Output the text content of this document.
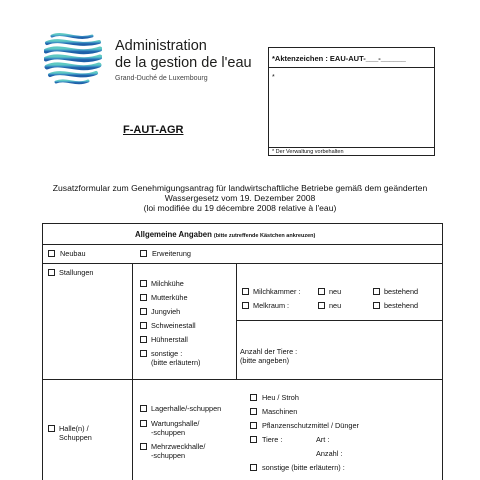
Administration
de la gestion de l'eau
Grand-Duché de Luxembourg
*Aktenzeichen : EAU-AUT-___-______
*
* Der Verwaltung vorbehalten
F-AUT-AGR
Zusatzformular zum Genehmigungsantrag für landwirtschaftliche Betriebe gemäß dem geänderten
Wassergesetz vom 19. Dezember 2008
(loi modifiée du 19 décembre 2008 relative à l'eau)
Allgemeine Angaben (bitte zutreffende Kästchen ankreuzen)
Neubau	Erweiterung
Stallungen
Milchkühe
Mutterkühe
Jungvieh
Schweinestall
Hühnerstall
sonstige :
(bitte erläutern)
Milchkammer :	neu	bestehend
Melkraum :	neu	bestehend
Anzahl der Tiere :
(bitte angeben)
Halle(n) /
Schuppen
Lagerhalle/-schuppen
Wartungshalle/
-schuppen
Mehrzweckhalle/
-schuppen
Heu / Stroh
Maschinen
Pflanzenschutzmittel / Dünger
Tiere :	Art :
Anzahl :
sonstige (bitte erläutern) :
